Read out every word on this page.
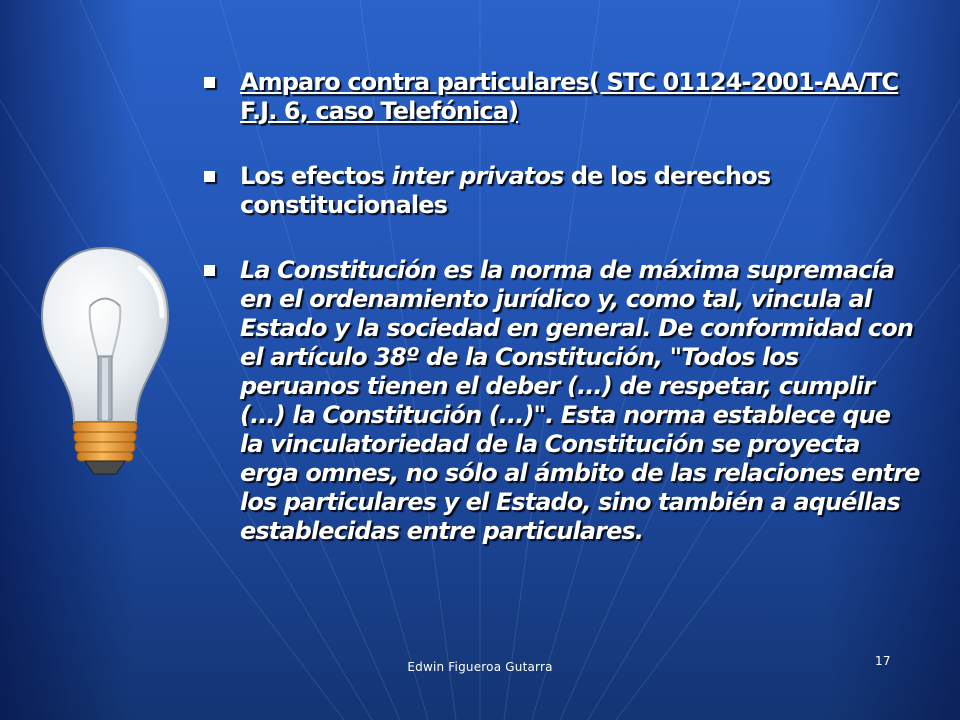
Amparo contra particulares( STC 01124-2001-AA/TC F.J. 6, caso Telefónica)
Los efectos inter privatos de los derechos constitucionales
La Constitución es la norma de máxima supremacía en el ordenamiento jurídico y, como tal, vincula al Estado y la sociedad en general. De conformidad con el artículo 38º de la Constitución, "Todos los peruanos tienen el deber (...) de respetar, cumplir (...) la Constitución (...)". Esta norma establece que la vinculatoriedad de la Constitución se proyecta erga omnes, no sólo al ámbito de las relaciones entre los particulares y el Estado, sino también a aquéllas establecidas entre particulares.
Edwin Figueroa Gutarra	17
